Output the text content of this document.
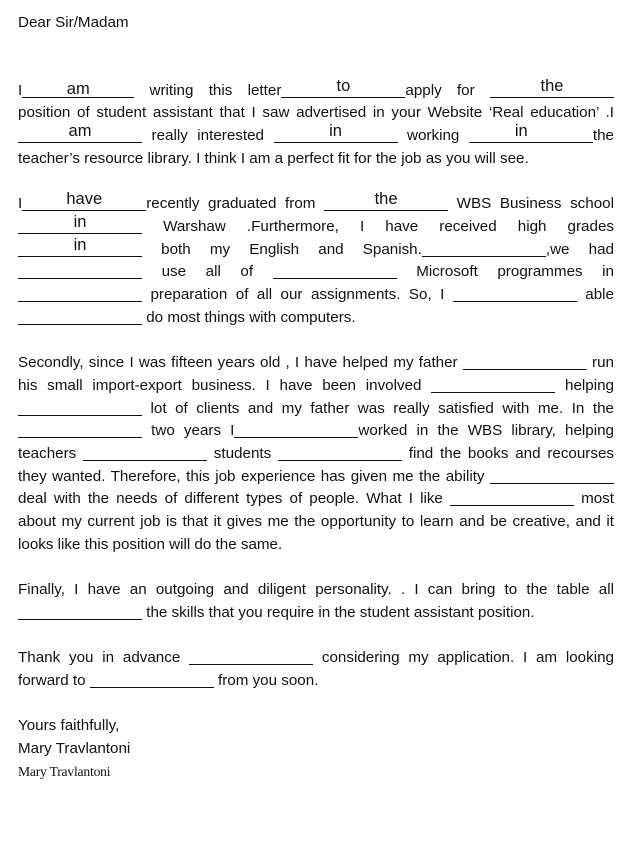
Dear Sir/Madam

I	am	writing this letter	to	apply for	the
position of student assistant that I saw advertised in your Website ‘Real education’ .I
am	really interested	in	working	in	the teacher’s resource library. I think I am a perfect fit for the job as you will see.

I	have	recently graduated from	the	WBS Business school
in	Warshaw .Furthermore, I have received high grades
in	both my English and Spanish.	,we had  use all of	Microsoft programmes in  preparation of all our assignments. So, I	able  do most things with computers.

Secondly, since I was fifteen years old , I have helped my father	run his small import-export business. I have been involved	helping  lot of clients and my father was really satisfied with me. In the  two years I	worked in the WBS library, helping teachers	students	find the books and recourses they wanted. Therefore, this job experience has given me the ability  deal with the needs of different types of people. What I like	most about my current job is that it gives me the opportunity to learn and be creative, and it looks like this position will do the same.

Finally, I have an outgoing and diligent personality. . I can bring to the table all  the skills that you require in the student assistant position.

Thank you in advance	considering my application. I am looking forward to	from you soon.

Yours faithfully,

Mary Travlantoni

Mary Travlantoni
